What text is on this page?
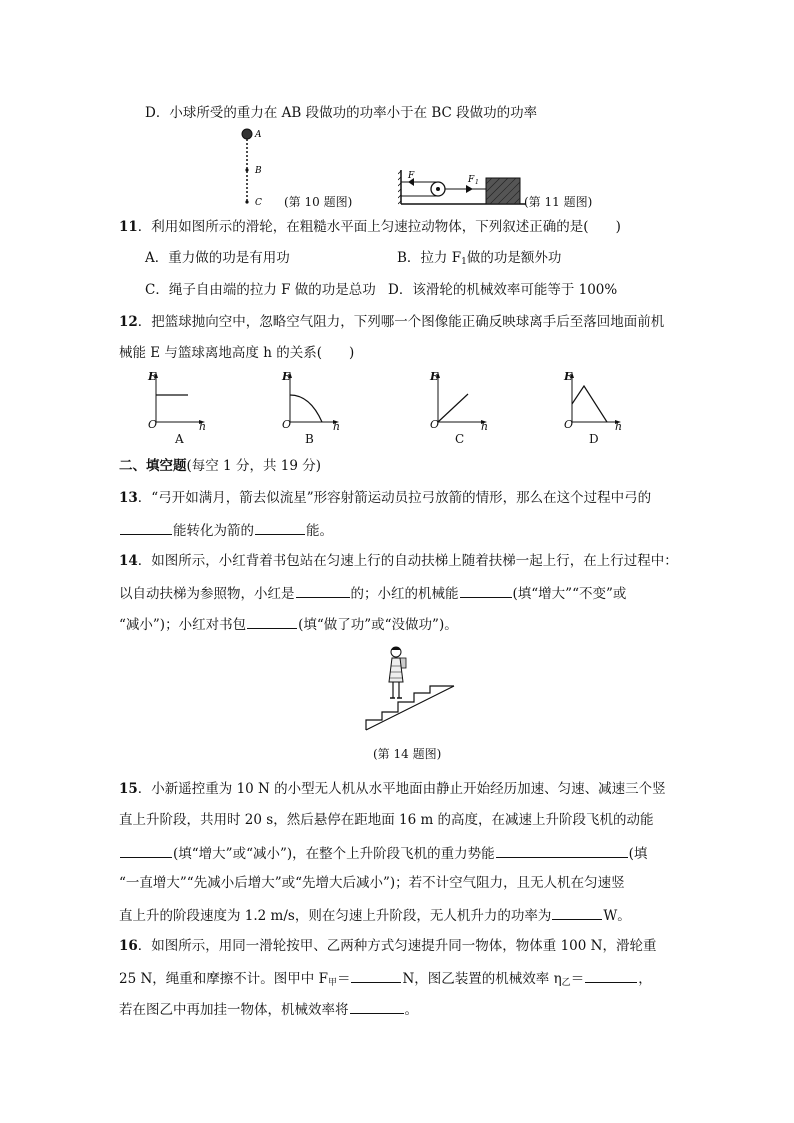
D．小球所受的重力在 AB 段做功的功率小于在 BC 段做功的功率
A
B
C (第 10 题图)
F	F 1
(第 11 题图)
11．利用如图所示的滑轮，在粗糙水平面上匀速拉动物体，下列叙述正确的是(　　)
A．重力做的功是有用功	B．拉力 $F_1$做的功是额外功
C．绳子自由端的拉力 F 做的功是总功 D．该滑轮的机械效率可能等于 100%
12．把篮球抛向空中，忽略空气阻力，下列哪一个图像能正确反映球离手后至落回地面前机
械能 E 与篮球离地高度 h 的关系(　　)
E
O	h
A
E
O	h
B
E
O	h
C
E
O	h
D
二、填空题(每空 1 分，共 19 分)
13．“弓开如满月，箭去似流星”形容射箭运动员拉弓放箭的情形，那么在这个过程中弓的
能转化为箭的	能。
14．如图所示，小红背着书包站在匀速上行的自动扶梯上随着扶梯一起上行，在上行过程中：
以自动扶梯为参照物，小红是	的；小红的机械能	(填“增大”“不变”或
“减小”)；小红对书包	(填“做了功”或“没做功”)。
(第 14 题图)
15．小新遥控重为 10 N 的小型无人机从水平地面由静止开始经历加速、匀速、减速三个竖
直上升阶段，共用时 20 s，然后悬停在距地面 16 m 的高度，在减速上升阶段飞机的动能
(填“增大”或“减小”)，在整个上升阶段飞机的重力势能	(填
“一直增大”“先减小后增大”或“先增大后减小”)；若不计空气阻力，且无人机在匀速竖
直上升的阶段速度为 1.2 m/s，则在匀速上升阶段，无人机升力的功率为	W。
16．如图所示，用同一滑轮按甲、乙两种方式匀速提升同一物体，物体重 100 N，滑轮重
25 N，绳重和摩擦不计。图甲中 $F_甲=$	N，图乙装置的机械效率 $\eta_乙=$	，
若在图乙中再加挂一物体，机械效率将	。
